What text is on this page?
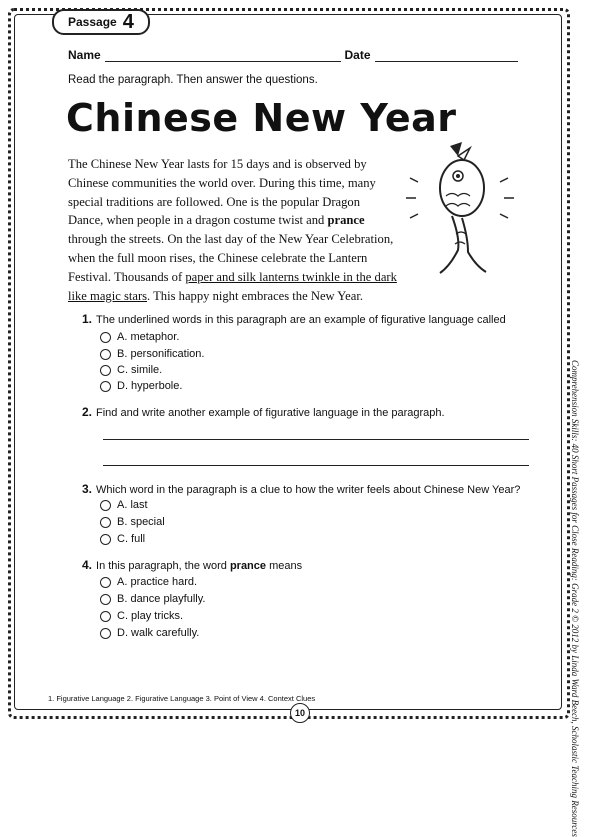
Passage 4
Name	Date
Read the paragraph. Then answer the questions.
Chinese New Year
The Chinese New Year lasts for 15 days and is observed by Chinese communities the world over. During this time, many special traditions are followed. One is the popular Dragon Dance, when people in a dragon costume twist and prance through the streets. On the last day of the New Year Celebration, when the full moon rises, the Chinese celebrate the Lantern Festival. Thousands of paper and silk lanterns twinkle in the dark like magic stars. This happy night embraces the New Year.
1. The underlined words in this paragraph are an example of figurative language called
A. metaphor.
B. personification.
C. simile.
D. hyperbole.
2. Find and write another example of figurative language in the paragraph.
3. Which word in the paragraph is a clue to how the writer feels about Chinese New Year?
A. last
B. special
C. full
4. In this paragraph, the word prance means
A. practice hard.
B. dance playfully.
C. play tricks.
D. walk carefully.	Comprehension Skills: 40 Short Passages for Close Reading: Grade 2 © 2012 by Linda Ward Beech, Scholastic Teaching Resources
1. Figurative Language 2. Figurative Language 3. Point of View 4. Context Clues
10
